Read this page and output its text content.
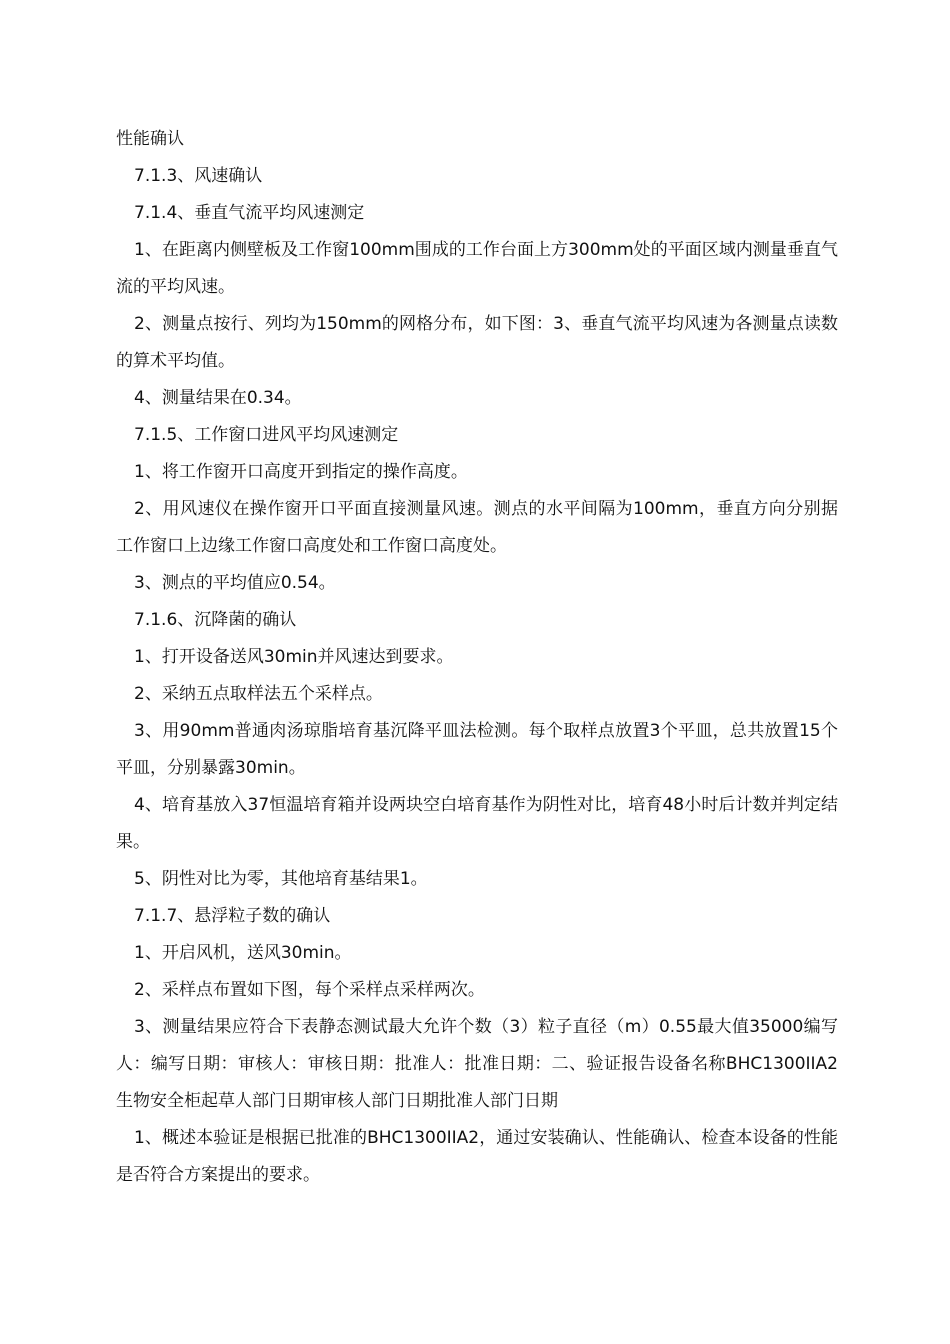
性能确认

7.1.3、风速确认

7.1.4、垂直气流平均风速测定

1、在距离内侧壁板及工作窗100mm围成的工作台面上方300mm处的平面区域内测量垂直气流的平均风速。

2、测量点按行、列均为150mm的网格分布，如下图：3、垂直气流平均风速为各测量点读数的算术平均值。

4、测量结果在0.34。

7.1.5、工作窗口进风平均风速测定

1、将工作窗开口高度开到指定的操作高度。

2、用风速仪在操作窗开口平面直接测量风速。测点的水平间隔为100mm，垂直方向分别据工作窗口上边缘工作窗口高度处和工作窗口高度处。

3、测点的平均值应0.54。

7.1.6、沉降菌的确认

1、打开设备送风30min并风速达到要求。

2、采纳五点取样法五个采样点。

3、用90mm普通肉汤琼脂培育基沉降平皿法检测。每个取样点放置3个平皿，总共放置15个平皿，分别暴露30min。

4、培育基放入37恒温培育箱并设两块空白培育基作为阴性对比，培育48小时后计数并判定结果。

5、阴性对比为零，其他培育基结果1。

7.1.7、悬浮粒子数的确认

1、开启风机，送风30min。

2、采样点布置如下图，每个采样点采样两次。

3、测量结果应符合下表静态测试最大允许个数（3）粒子直径（m）0.55最大值35000编写人：编写日期：审核人：审核日期：批准人：批准日期：二、验证报告设备名称BHC1300IIA2生物安全柜起草人部门日期审核人部门日期批准人部门日期

1、概述本验证是根据已批准的BHC1300IIA2，通过安装确认、性能确认、检查本设备的性能是否符合方案提出的要求。
